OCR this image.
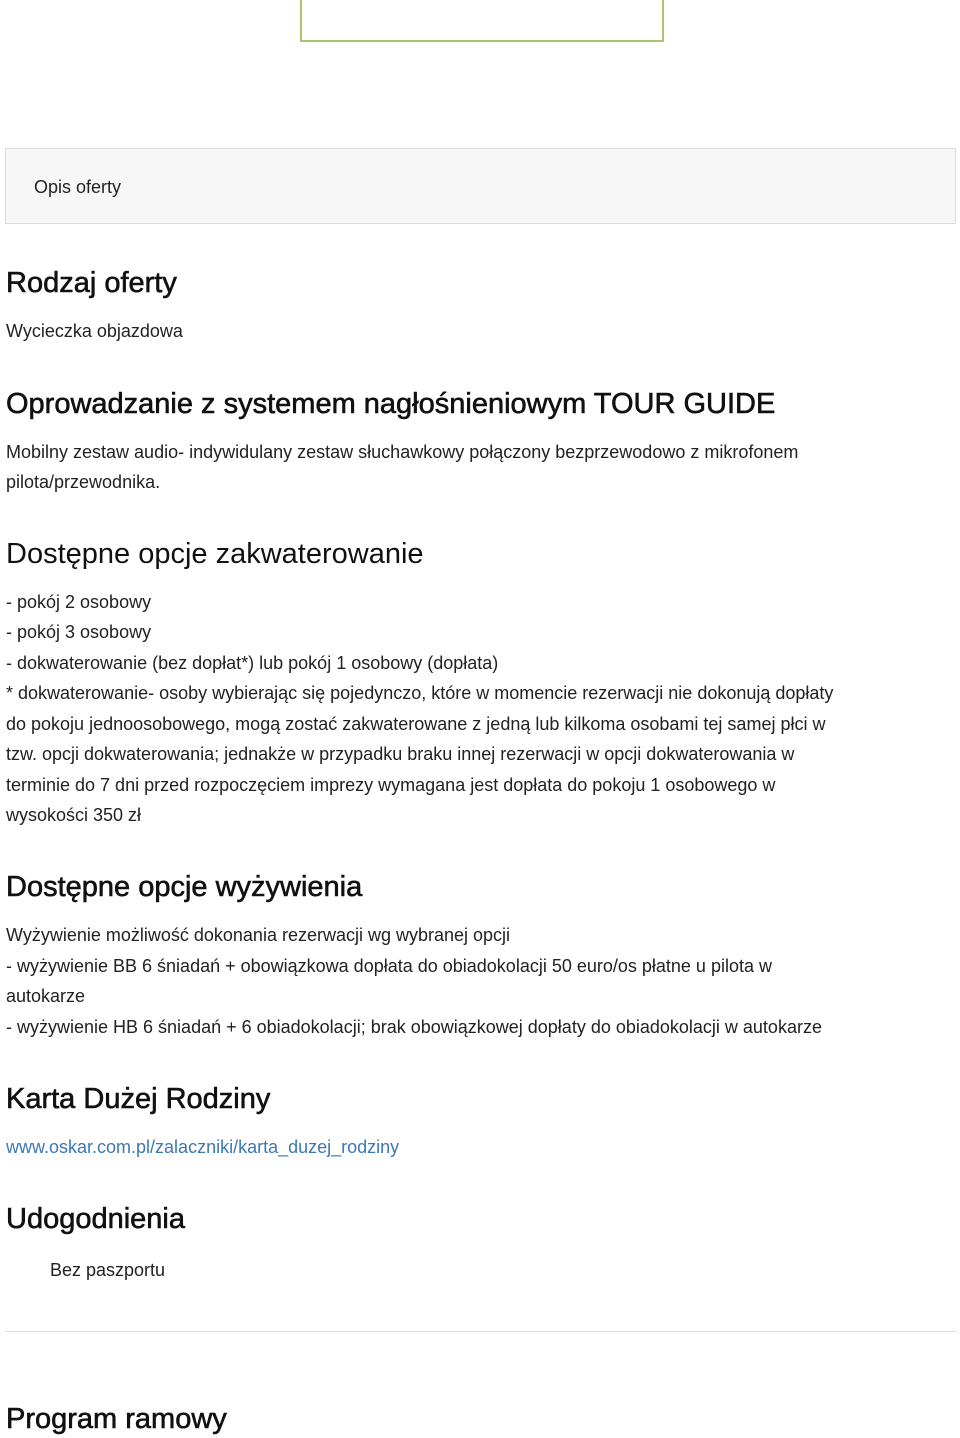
Opis oferty
Rodzaj oferty

Wycieczka objazdowa

Oprowadzanie z systemem nagłośnieniowym TOUR GUIDE

Mobilny zestaw audio- indywidulany zestaw słuchawkowy połączony bezprzewodowo z mikrofonem

pilota/przewodnika.

Dostępne opcje zakwaterowanie

- pokój 2 osobowy

- pokój 3 osobowy

- dokwaterowanie (bez dopłat*) lub pokój 1 osobowy (dopłata)

* dokwaterowanie- osoby wybierając się pojedynczo, które w momencie rezerwacji nie dokonują dopłaty

do pokoju jednoosobowego, mogą zostać zakwaterowane z jedną lub kilkoma osobami tej samej płci w

tzw. opcji dokwaterowania; jednakże w przypadku braku innej rezerwacji w opcji dokwaterowania w

terminie do 7 dni przed rozpoczęciem imprezy wymagana jest dopłata do pokoju 1 osobowego w

wysokości 350 zł

Dostępne opcje wyżywienia

Wyżywienie możliwość dokonania rezerwacji wg wybranej opcji

- wyżywienie BB 6 śniadań + obowiązkowa dopłata do obiadokolacji 50 euro/os płatne u pilota w

autokarze

- wyżywienie HB 6 śniadań + 6 obiadokolacji; brak obowiązkowej dopłaty do obiadokolacji w autokarze

Karta Dużej Rodziny

www.oskar.com.pl/zalaczniki/karta_duzej_rodziny

Udogodnienia

Bez paszportu

Program ramowy
